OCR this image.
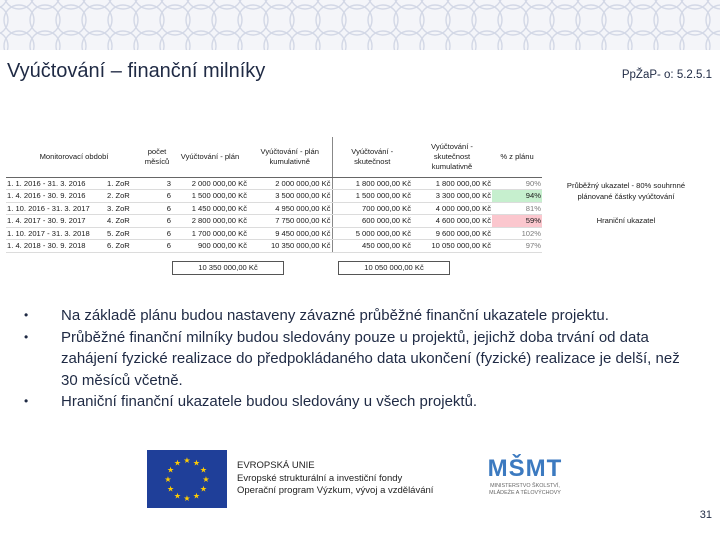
Vyúčtování – finanční milníky	PpŽaP- o: 5.2.5.1
Monitorovací období		počet měsíců	Vyúčtování - plán	Vyúčtování - plán kumulativně	Vyúčtování - skutečnost	Vyúčtování - skutečnost kumulativně	% z plánu
1. 1. 2016 - 31. 3. 2016	1. ZoR	3	2 000 000,00 Kč	2 000 000,00 Kč	1 800 000,00 Kč	1 800 000,00 Kč	90%
1. 4. 2016 - 30. 9. 2016	2. ZoR	6	1 500 000,00 Kč	3 500 000,00 Kč	1 500 000,00 Kč	3 300 000,00 Kč	94%
1. 10. 2016 - 31. 3. 2017	3. ZoR	6	1 450 000,00 Kč	4 950 000,00 Kč	700 000,00 Kč	4 000 000,00 Kč	81%
1. 4. 2017 - 30. 9. 2017	4. ZoR	6	2 800 000,00 Kč	7 750 000,00 Kč	600 000,00 Kč	4 600 000,00 Kč	59%
1. 10. 2017 - 31. 3. 2018	5. ZoR	6	1 700 000,00 Kč	9 450 000,00 Kč	5 000 000,00 Kč	9 600 000,00 Kč	102%
1. 4. 2018 - 30. 9. 2018	6. ZoR	6	900 000,00 Kč	10 350 000,00 Kč	450 000,00 Kč	10 050 000,00 Kč	97%
10 350 000,00 Kč	10 050 000,00 Kč
Průběžný ukazatel - 80% souhrnné plánované částky vyúčtování
Hraniční ukazatel
• Na základě plánu budou nastaveny závazné průběžné finanční ukazatele projektu.
• Průběžné finanční milníky budou sledovány pouze u projektů, jejichž doba trvání od data zahájení fyzické realizace do předpokládaného data ukončení (fyzické) realizace je delší, než 30 měsíců včetně.
• Hraniční finanční ukazatele budou sledovány u všech projektů.
★
★
★
★
★
★
★
★
★ ★ ★
★	EVROPSKÁ UNIE
Evropské strukturální a investiční fondy
Operační program Výzkum, vývoj a vzdělávání
MŠMT
MINISTERSTVO ŠKOLSTVÍ,
MLÁDEŽE A TĚLOVÝCHOVY
31
